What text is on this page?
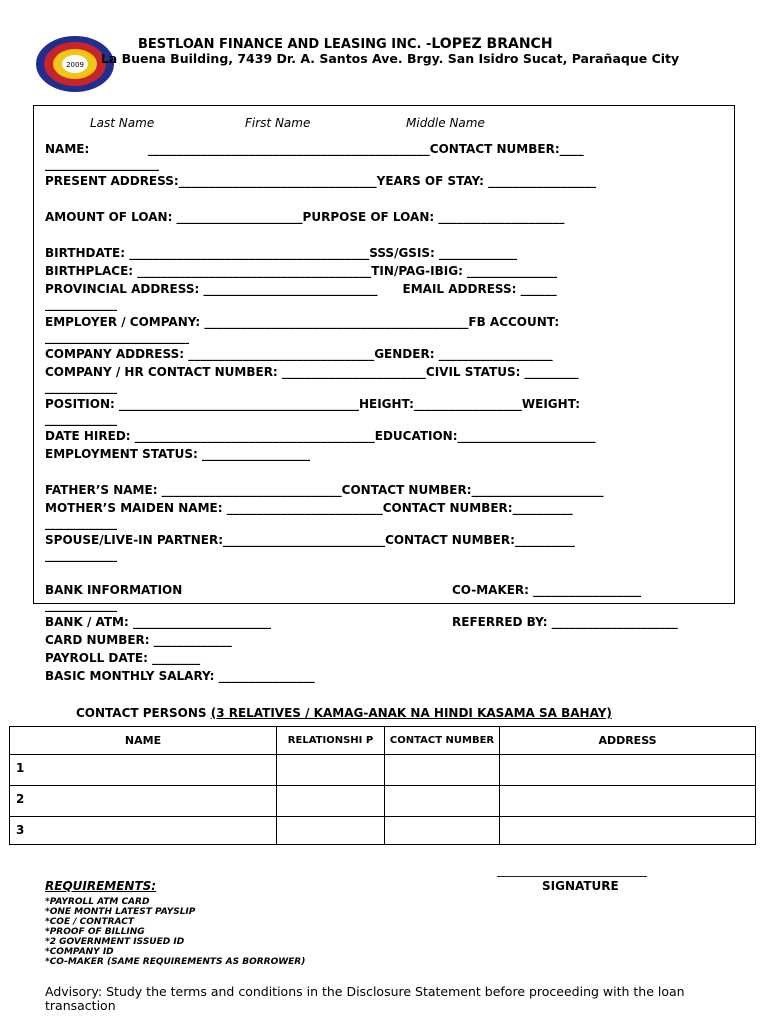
2009
BESTLOAN FINANCE AND LEASING INC. -LOPEZ BRANCH
La Buena Building, 7439 Dr. A. Santos Ave. Brgy. San Isidro Sucat, Parañaque City
Last Name	First Name	Middle Name
NAME:              _______________________________________________CONTACT NUMBER:____
___________________
PRESENT ADDRESS:_________________________________YEARS OF STAY: __________________
AMOUNT OF LOAN: _____________________PURPOSE OF LOAN: _____________________
BIRTHDATE: ________________________________________SSS/GSIS: _____________
BIRTHPLACE: _______________________________________TIN/PAG-IBIG: _______________
PROVINCIAL ADDRESS: _____________________________      EMAIL ADDRESS: ______
____________
EMPLOYER / COMPANY: ____________________________________________FB ACCOUNT:
________________________
COMPANY ADDRESS: _______________________________GENDER: ___________________
COMPANY / HR CONTACT NUMBER: ________________________CIVIL STATUS: _________
____________
POSITION: ________________________________________HEIGHT:__________________WEIGHT:
____________
DATE HIRED: ________________________________________EDUCATION:_______________________
EMPLOYMENT STATUS: __________________
FATHER’S NAME: ______________________________CONTACT NUMBER:______________________
MOTHER’S MAIDEN NAME: __________________________CONTACT NUMBER:__________
____________
SPOUSE/LIVE-IN PARTNER:___________________________CONTACT NUMBER:__________
____________
BANK INFORMATION
____________
BANK / ATM: _______________________
CARD NUMBER: _____________
PAYROLL DATE: ________
BASIC MONTHLY SALARY: ________________
CO-MAKER: __________________
REFERRED BY: _____________________
CONTACT PERSONS (3 RELATIVES / KAMAG-ANAK NA HINDI KASAMA SA BAHAY)
NAME	RELATIONSHI P	CONTACT NUMBER	ADDRESS
1			
2			
3			
_________________________
SIGNATURE
REQUIREMENTS:
*PAYROLL ATM CARD
*ONE MONTH LATEST PAYSLIP
*COE / CONTRACT
*PROOF OF BILLING
*2 GOVERNMENT ISSUED ID
*COMPANY ID
*CO-MAKER (SAME REQUIREMENTS AS BORROWER)
Advisory: Study the terms and conditions in the Disclosure Statement before proceeding with the loan transaction
